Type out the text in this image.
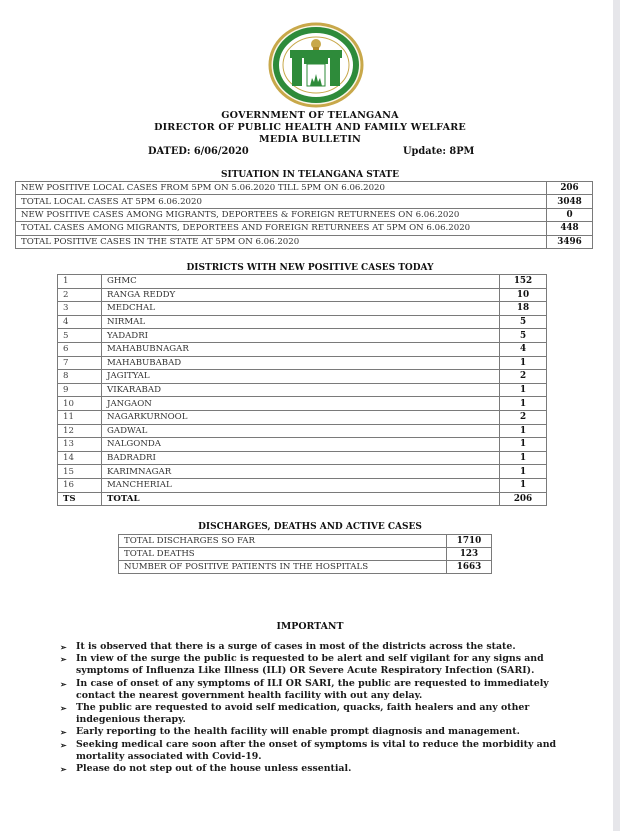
GOVERNMENT OF TELANGANA
DIRECTOR OF PUBLIC HEALTH AND FAMILY WELFARE
MEDIA BULLETIN
DATED: 6/06/2020	Update: 8PM
SITUATION IN TELANGANA STATE
NEW POSITIVE LOCAL CASES FROM 5PM ON 5.06.2020 TILL 5PM ON 6.06.2020	206
TOTAL LOCAL CASES AT 5PM 6.06.2020	3048
NEW POSITIVE CASES AMONG MIGRANTS, DEPORTEES & FOREIGN RETURNEES ON 6.06.2020	0
TOTAL CASES AMONG MIGRANTS, DEPORTEES AND FOREIGN RETURNEES AT 5PM ON 6.06.2020	448
TOTAL POSITIVE CASES IN THE STATE AT 5PM ON 6.06.2020	3496
DISTRICTS WITH NEW POSITIVE CASES TODAY
1	GHMC	152
2	RANGA REDDY	10
3	MEDCHAL	18
4	NIRMAL	5
5	YADADRI	5
6	MAHABUBNAGAR	4
7	MAHABUBABAD	1
8	JAGITYAL	2
9	VIKARABAD	1
10	JANGAON	1
11	NAGARKURNOOL	2
12	GADWAL	1
13	NALGONDA	1
14	BADRADRI	1
15	KARIMNAGAR	1
16	MANCHERIAL	1
TS	TOTAL	206
DISCHARGES, DEATHS AND ACTIVE CASES
TOTAL DISCHARGES SO FAR	1710
TOTAL DEATHS	123
NUMBER OF POSITIVE PATIENTS IN THE HOSPITALS	1663
IMPORTANT
➢ It is observed that there is a surge of cases in most of the districts across the state.
➢ In view of the surge the public is requested to be alert and self vigilant for any signs and symptoms of Influenza Like Illness (ILI) OR Severe Acute Respiratory Infection (SARI).
➢ In case of onset of any symptoms of ILI OR SARI, the public are requested to immediately contact the nearest government health facility with out any delay.
➢ The public are requested to avoid self medication, quacks, faith healers and any other indegenious therapy.
➢ Early reporting to the health facility will enable prompt diagnosis and management.
➢ Seeking medical care soon after the onset of symptoms is vital to reduce the morbidity and mortality associated with Covid-19.
➢ Please do not step out of the house unless essential.
